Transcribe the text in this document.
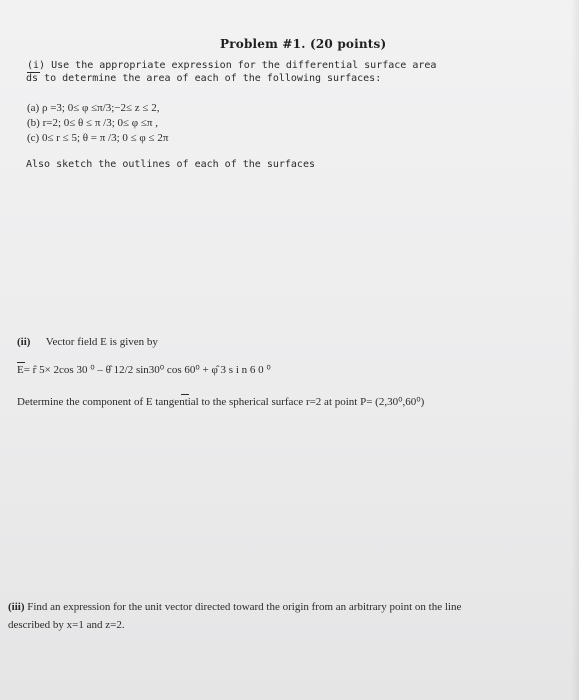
Problem #1. (20 points)
(i) Use the appropriate expression for the differential surface area
ds to determine the area of each of the following surfaces:
(a) ρ =3; 0≤ φ ≤π/3;−2≤ z ≤ 2,
(b) r=2; 0≤ θ ≤ π /3; 0≤ φ ≤π ,
(c) 0≤ r ≤ 5; θ = π /3; 0 ≤ φ ≤ 2π
Also sketch the outlines of each of the surfaces
(ii) Vector field E is given by
E= r̂ 5× 2cos 30 ⁰ – θ̂ 12/2 sin30⁰ cos 60⁰ + φ̂ 3 s i n 6 0 ⁰
Determine the component of E tangential to the spherical surface r=2 at point P= (2,30⁰,60⁰)
(iii) Find an expression for the unit vector directed toward the origin from an arbitrary point on the line
described by x=1 and z=2.
